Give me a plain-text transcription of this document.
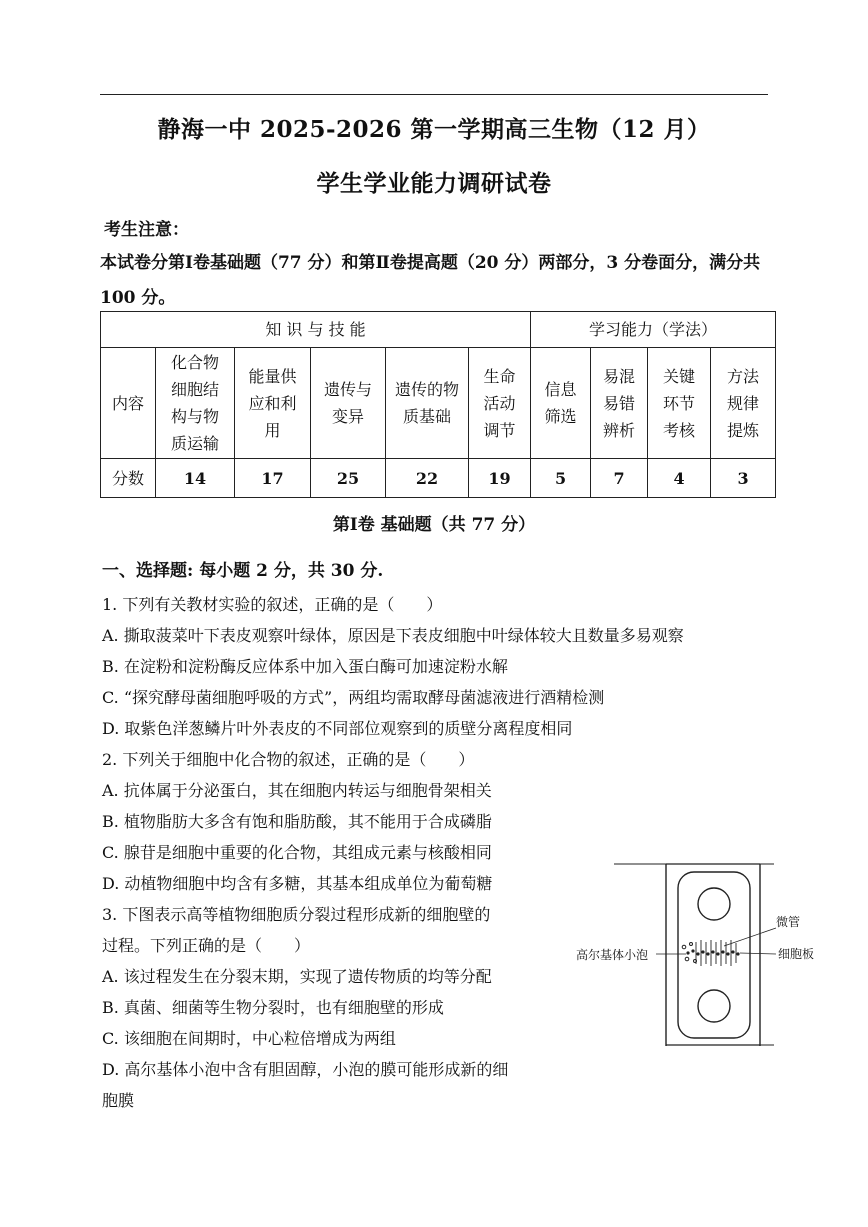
静海一中 2025-2026 第一学期高三生物（12 月）
学生学业能力调研试卷
考生注意：
本试卷分第Ⅰ卷基础题（77 分）和第Ⅱ卷提高题（20 分）两部分，3 分卷面分，满分共 100 分。
知 识 与 技 能						学习能力（学法）			
内容	化合物细胞结构与物质运输	能量供应和利用	遗传与变异	遗传的物质基础	生命活动调节	信息筛选	易混易错辨析	关键环节考核	方法规律提炼

分数	14	17	25	22	19	5	7	4	3
第Ⅰ卷 基础题（共 77 分）
一、选择题: 每小题 2 分，共 30 分.
1. 下列有关教材实验的叙述，正确的是（　　）
A. 撕取菠菜叶下表皮观察叶绿体，原因是下表皮细胞中叶绿体较大且数量多易观察
B. 在淀粉和淀粉酶反应体系中加入蛋白酶可加速淀粉水解
C. “探究酵母菌细胞呼吸的方式”，两组均需取酵母菌滤液进行酒精检测
D. 取紫色洋葱鳞片叶外表皮的不同部位观察到的质壁分离程度相同
2. 下列关于细胞中化合物的叙述，正确的是（　　）
A. 抗体属于分泌蛋白，其在细胞内转运与细胞骨架相关
B. 植物脂肪大多含有饱和脂肪酸，其不能用于合成磷脂
C. 腺苷是细胞中重要的化合物，其组成元素与核酸相同
D. 动植物细胞中均含有多糖，其基本组成单位为葡萄糖
3. 下图表示高等植物细胞质分裂过程形成新的细胞壁的
过程。下列正确的是（　　）
A. 该过程发生在分裂末期，实现了遗传物质的均等分配
B. 真菌、细菌等生物分裂时，也有细胞壁的形成
C. 该细胞在间期时，中心粒倍增成为两组
D. 高尔基体小泡中含有胆固醇，小泡的膜可能形成新的细
胞膜
高尔基体小泡
微管
细胞板
